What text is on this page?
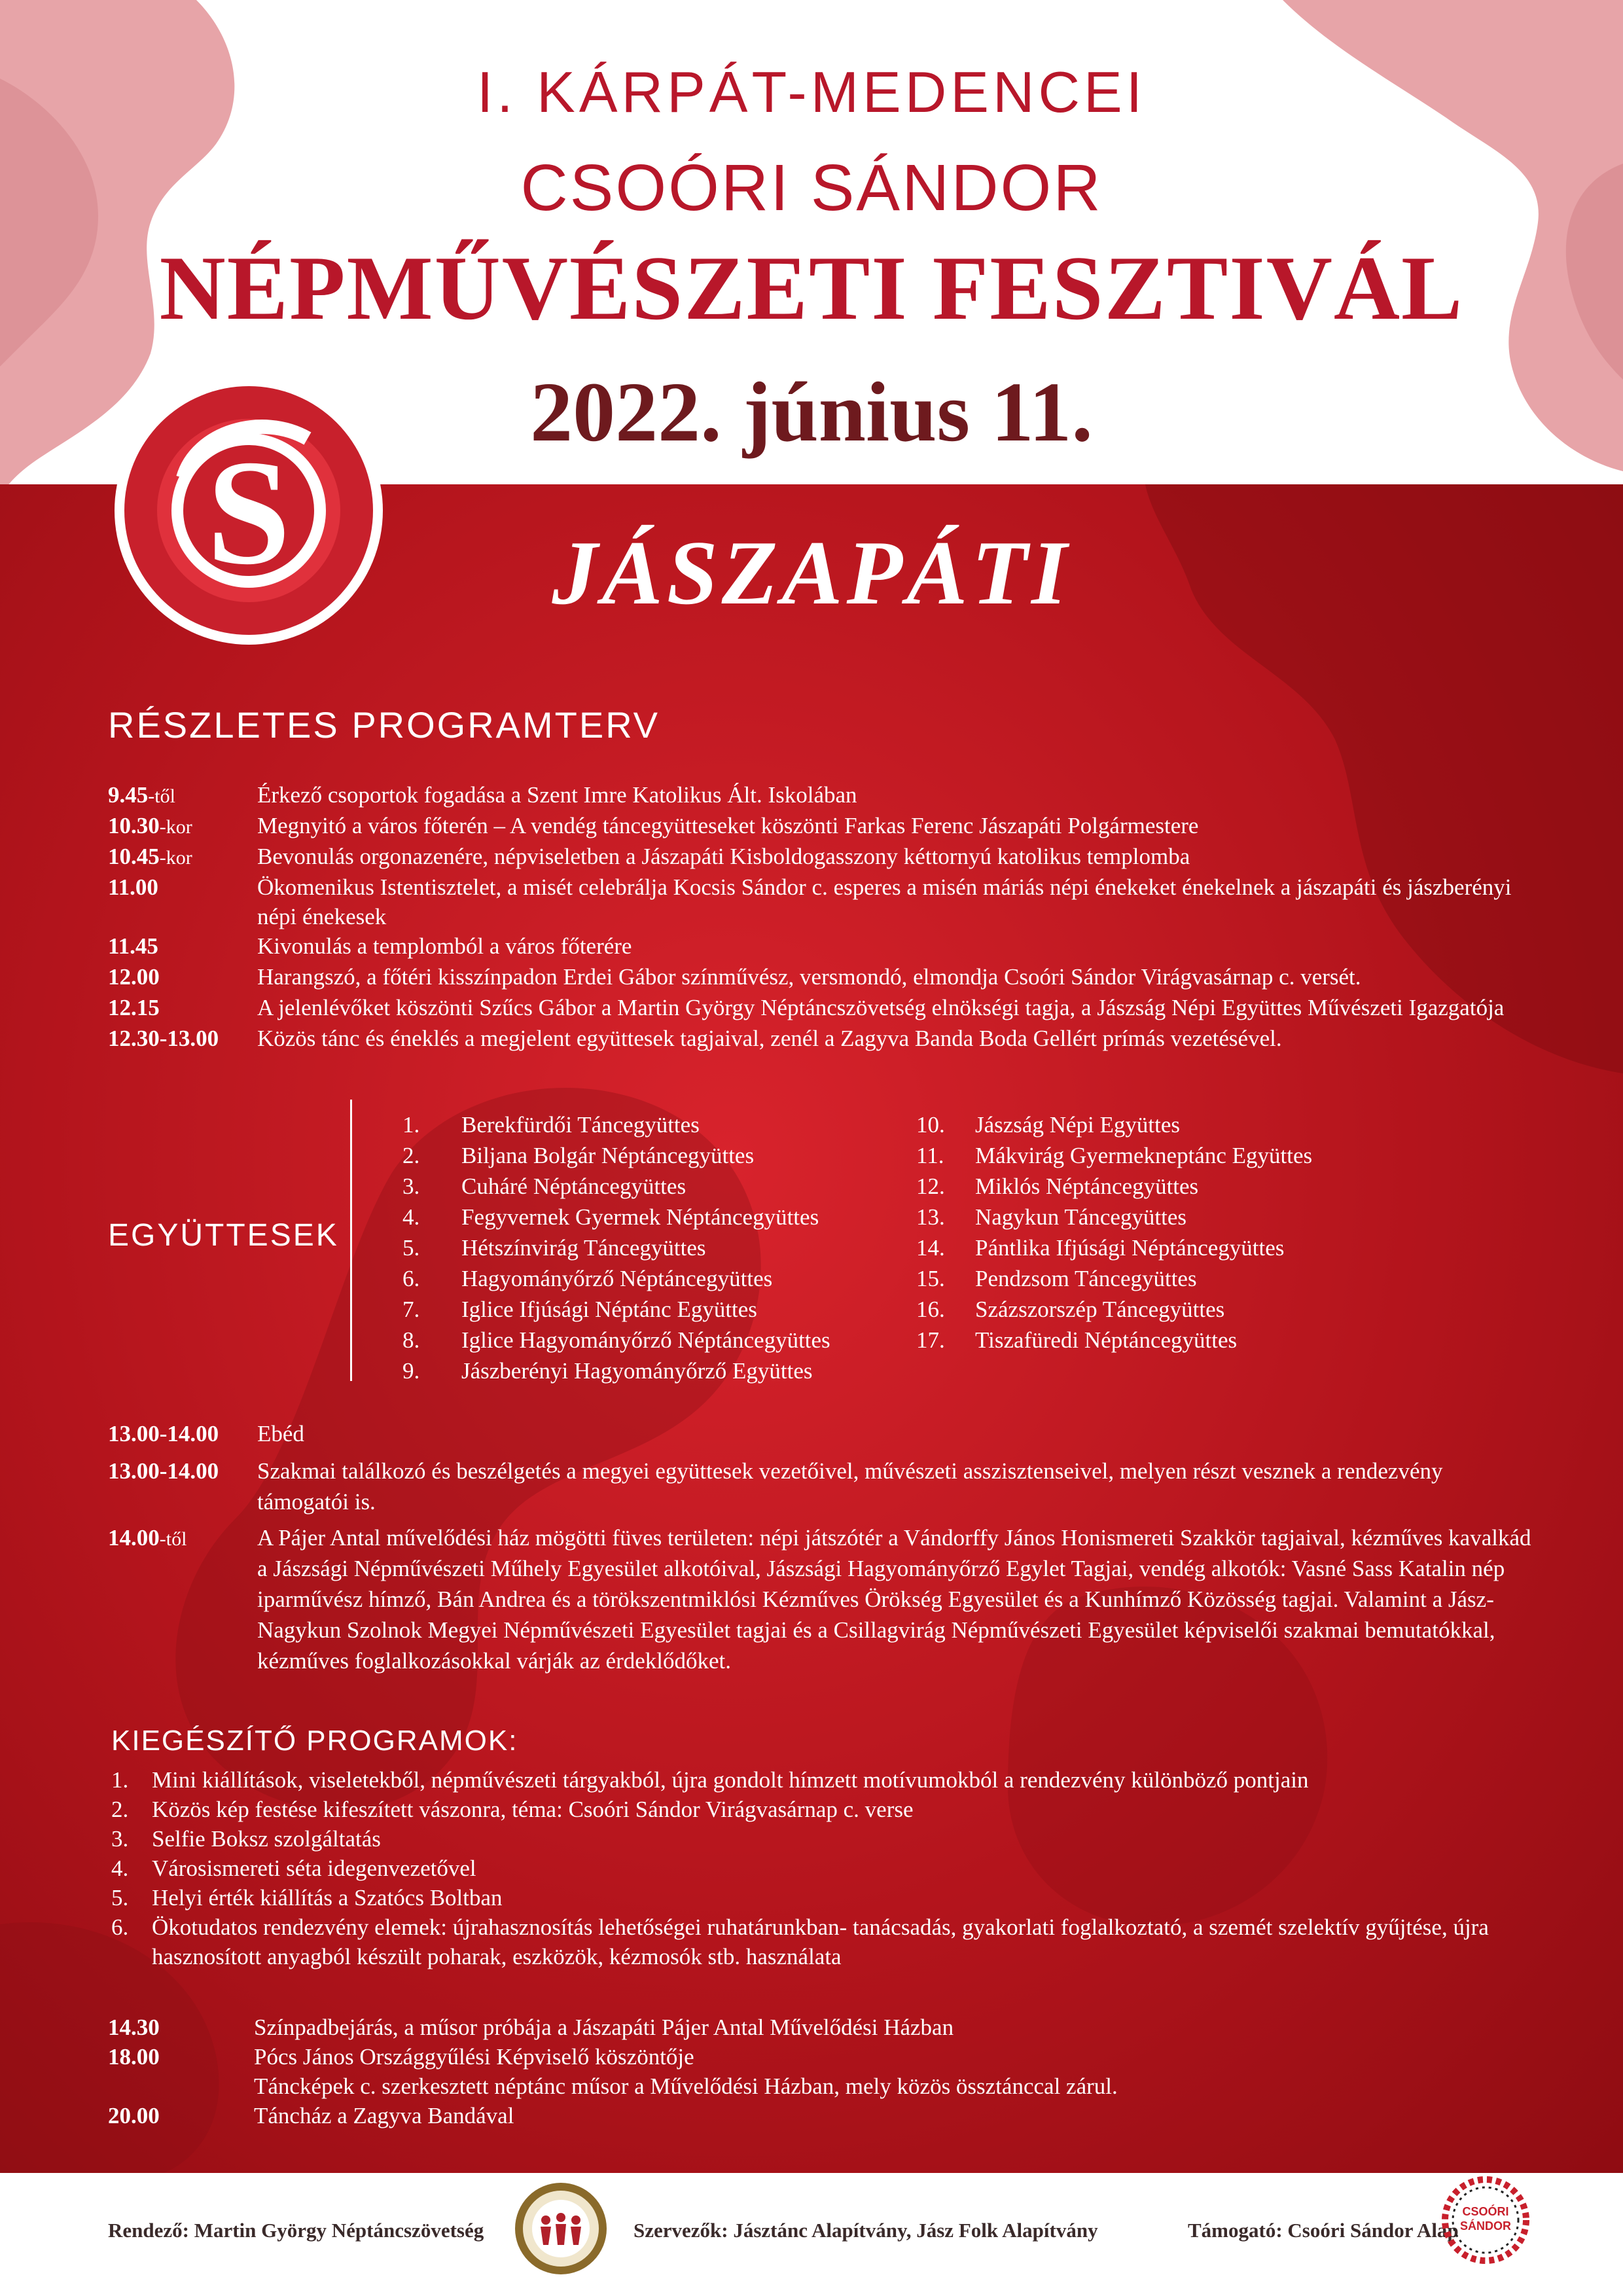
S
I. KÁRPÁT-MEDENCEI
CSOÓRI SÁNDOR
NÉPMŰVÉSZETI FESZTIVÁL
2022. június 11.
JÁSZAPÁTI
RÉSZLETES PROGRAMTERV
9.45-től	Érkező csoportok fogadása a Szent Imre Katolikus Ált. Iskolában
10.30-kor	Megnyitó a város főterén – A vendég táncegyütteseket köszönti Farkas Ferenc Jászapáti Polgármestere
10.45-kor	Bevonulás orgonazenére, népviseletben a Jászapáti Kisboldogasszony kéttornyú katolikus templomba
11.00	Ökomenikus Istentisztelet, a misét celebrálja Kocsis Sándor c. esperes a misén máriás népi énekeket énekelnek a jászapáti és jászberényi népi énekesek
11.45	Kivonulás a templomból a város főterére
12.00	Harangszó, a főtéri kisszínpadon Erdei Gábor színművész, versmondó, elmondja Csoóri Sándor Virágvasárnap c. versét.
12.15	A jelenlévőket köszönti Szűcs Gábor a Martin György Néptáncszövetség elnökségi tagja, a Jászság Népi Együttes Művészeti Igazgatója
12.30-13.00	Közös tánc és éneklés a megjelent együttesek tagjaival, zenél a Zagyva Banda Boda Gellért prímás vezetésével.
EGYÜTTESEK
1.	Berekfürdői Táncegyüttes
2.	Biljana Bolgár Néptáncegyüttes
3.	Cuháré Néptáncegyüttes
4.	Fegyvernek Gyermek Néptáncegyüttes
5.	Hétszínvirág Táncegyüttes
6.	Hagyományőrző Néptáncegyüttes
7.	Iglice Ifjúsági Néptánc Együttes
8.	Iglice Hagyományőrző Néptáncegyüttes
9.	Jászberényi Hagyományőrző Együttes
10.	Jászság Népi Együttes
11.	Mákvirág Gyermekneptánc Együttes
12.	Miklós Néptáncegyüttes
13.	Nagykun Táncegyüttes
14.	Pántlika Ifjúsági Néptáncegyüttes
15.	Pendzsom Táncegyüttes
16.	Százszorszép Táncegyüttes
17.	Tiszafüredi Néptáncegyüttes
13.00-14.00	Ebéd
13.00-14.00	Szakmai találkozó és beszélgetés a megyei együttesek vezetőivel, művészeti asszisztenseivel, melyen részt vesznek a rendezvény támogatói is.
14.00-től	A Pájer Antal művelődési ház mögötti füves területen: népi játszótér a Vándorffy János Honismereti Szakkör tagjaival, kézműves kavalkád a Jászsági Népművészeti Műhely Egyesület alkotóival, Jászsági Hagyományőrző Egylet Tagjai, vendég alkotók: Vasné Sass Katalin nép iparművész hímző, Bán Andrea és a törökszentmiklósi Kézműves Örökség Egyesület és a Kunhímző Közösség tagjai. Valamint a Jász-Nagykun Szolnok Megyei Népművészeti Egyesület tagjai és a Csillagvirág Népművészeti Egyesület képviselői szakmai bemutatókkal, kézműves foglalkozásokkal várják az érdeklődőket.
KIEGÉSZÍTŐ PROGRAMOK:
1.	Mini kiállítások, viseletekből, népművészeti tárgyakból, újra gondolt hímzett motívumokból a rendezvény különböző pontjain
2.	Közös kép festése kifeszített vászonra, téma: Csoóri Sándor Virágvasárnap c. verse
3.	Selfie Boksz szolgáltatás
4.	Városismereti séta idegenvezetővel
5.	Helyi érték kiállítás a Szatócs Boltban
6.	Ökotudatos rendezvény elemek: újrahasznosítás lehetőségei ruhatárunkban- tanácsadás, gyakorlati foglalkoztató, a szemét szelektív gyűjtése, újra hasznosított anyagból készült poharak, eszközök, kézmosók stb. használata
14.30	Színpadbejárás, a műsor próbája a Jászapáti Pájer Antal Művelődési Házban
18.00	Pócs János Országgyűlési Képviselő köszöntője
Táncképek c. szerkesztett néptánc műsor a Művelődési Házban, mely közös össztánccal zárul.
20.00	Táncház a Zagyva Bandával
Rendező: Martin György Néptáncszövetség	Szervezők: Jásztánc Alapítvány, Jász Folk Alapítvány	Támogató: Csoóri Sándor Alap
CSOÓRI
SÁNDOR
